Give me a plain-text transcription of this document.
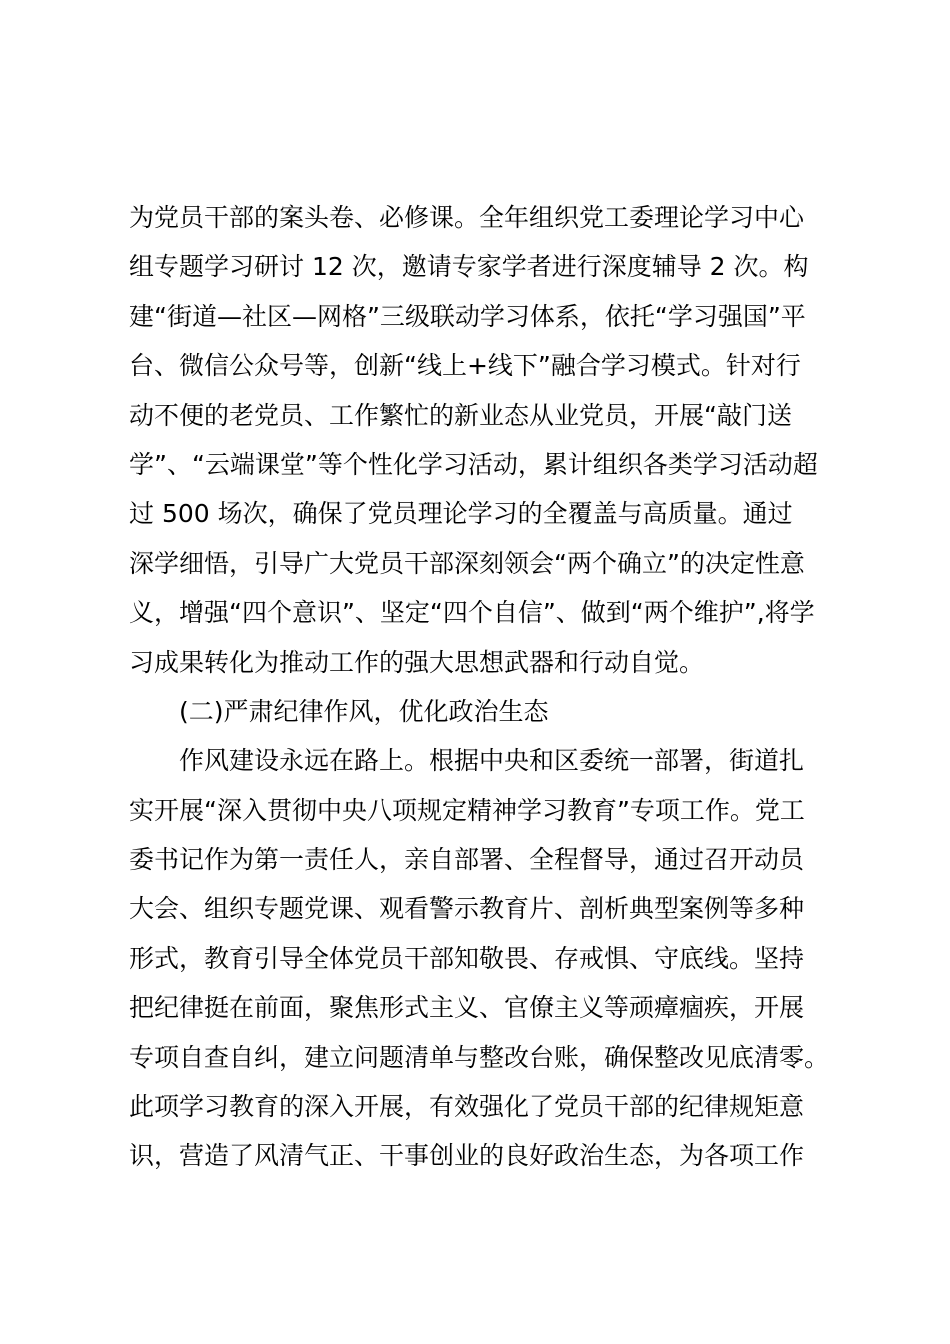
为党员干部的案头卷、必修课。全年组织党工委理论学习中心
组专题学习研讨 12 次，邀请专家学者进行深度辅导 2 次。构
建“街道—社区—网格”三级联动学习体系，依托“学习强国”平
台、微信公众号等，创新“线上+线下”融合学习模式。针对行
动不便的老党员、工作繁忙的新业态从业党员，开展“敲门送
学”、“云端课堂”等个性化学习活动，累计组织各类学习活动超
过 500 场次，确保了党员理论学习的全覆盖与高质量。通过
深学细悟，引导广大党员干部深刻领会“两个确立”的决定性意
义，增强“四个意识”、坚定“四个自信”、做到“两个维护”,将学
习成果转化为推动工作的强大思想武器和行动自觉。
(二)严肃纪律作风，优化政治生态
作风建设永远在路上。根据中央和区委统一部署，街道扎
实开展“深入贯彻中央八项规定精神学习教育”专项工作。党工
委书记作为第一责任人，亲自部署、全程督导，通过召开动员
大会、组织专题党课、观看警示教育片、剖析典型案例等多种
形式，教育引导全体党员干部知敬畏、存戒惧、守底线。坚持
把纪律挺在前面，聚焦形式主义、官僚主义等顽瘴痼疾，开展
专项自查自纠，建立问题清单与整改台账，确保整改见底清零。
此项学习教育的深入开展，有效强化了党员干部的纪律规矩意
识，营造了风清气正、干事创业的良好政治生态，为各项工作
